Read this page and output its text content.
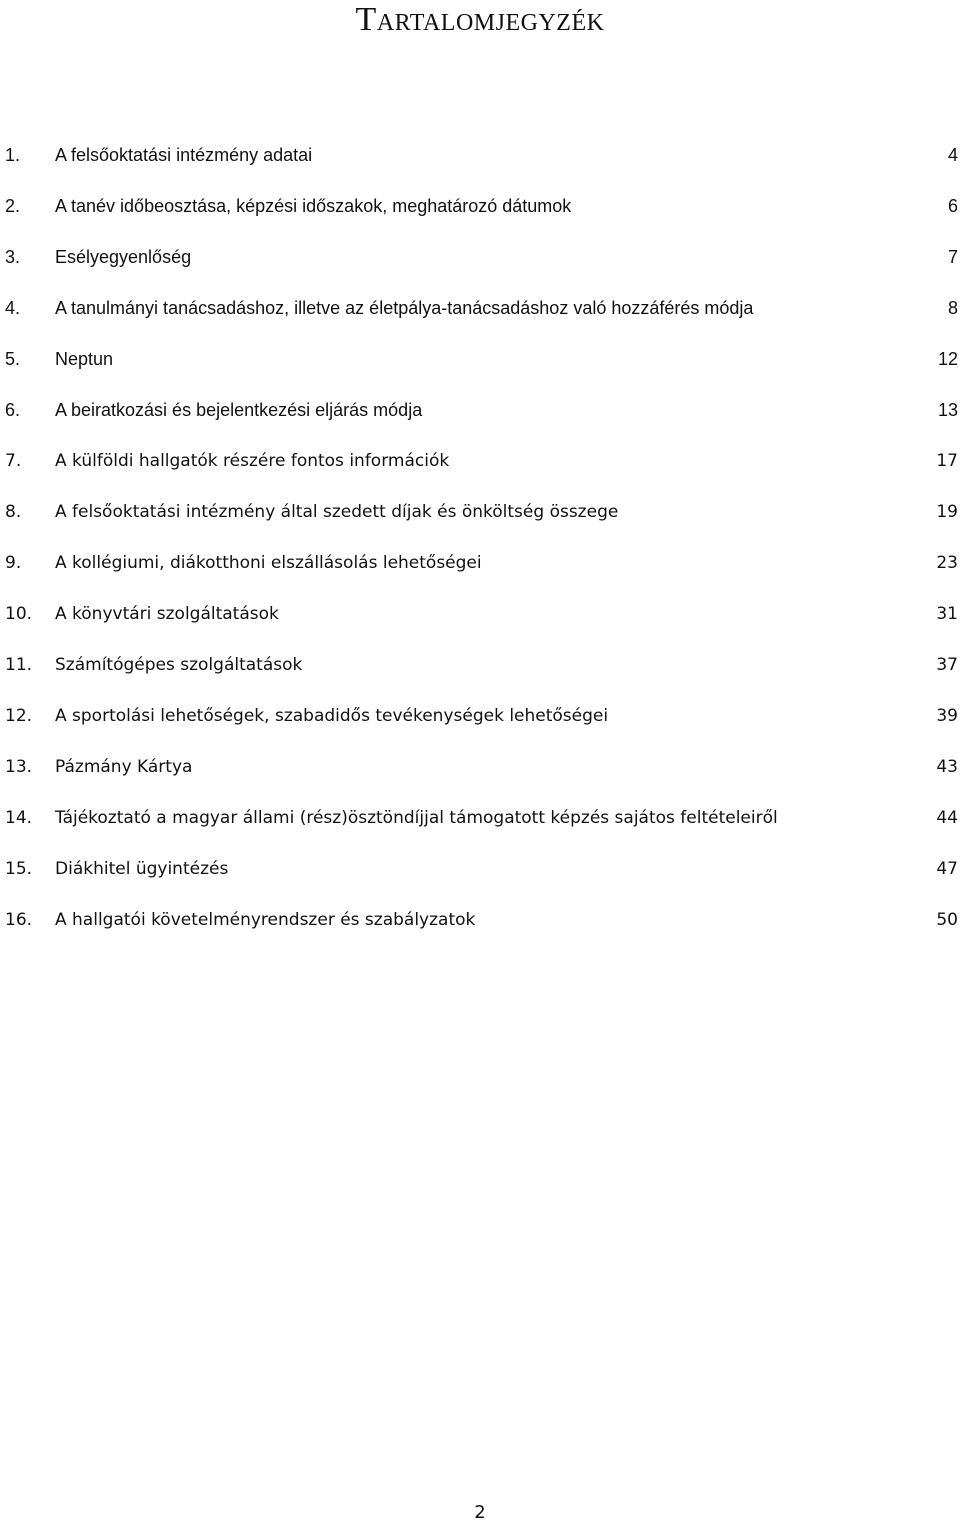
Tartalomjegyzék
1. A felsőoktatási intézmény adatai	4
2. A tanév időbeosztása, képzési időszakok, meghatározó dátumok	6
3. Esélyegyenlőség	7
4. A tanulmányi tanácsadáshoz, illetve az életpálya-tanácsadáshoz való hozzáférés módja	8
5. Neptun	12
6. A beiratkozási és bejelentkezési eljárás módja	13
7. A külföldi hallgatók részére fontos információk	17
8. A felsőoktatási intézmény által szedett díjak és önköltség összege	19
9. A kollégiumi, diákotthoni elszállásolás lehetőségei	23
10. A könyvtári szolgáltatások	31
11. Számítógépes szolgáltatások	37
12. A sportolási lehetőségek, szabadidős tevékenységek lehetőségei	39
13. Pázmány Kártya	43
14. Tájékoztató a magyar állami (rész)ösztöndíjjal támogatott képzés sajátos feltételeiről	44
15. Diákhitel ügyintézés	47
16. A hallgatói követelményrendszer és szabályzatok	50
2
